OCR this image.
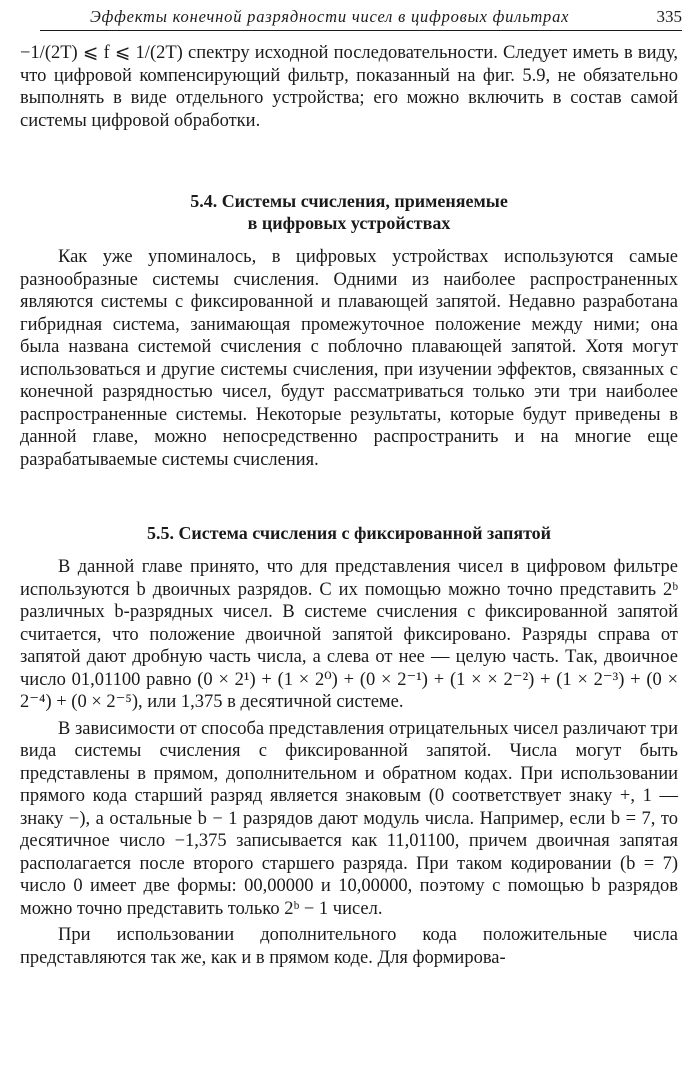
Эффекты конечной разрядности чисел в цифровых фильтрах	335

−1/(2T) ⩽ f ⩽ 1/(2T) спектру исходной последовательности. Следует иметь в виду, что цифровой компенсирующий фильтр, показанный на фиг. 5.9, не обязательно выполнять в виде отдельного устройства; его можно включить в состав самой системы цифровой обработки.

5.4. Системы счисления, применяемые
в цифровых устройствах

Как уже упоминалось, в цифровых устройствах используются самые разнообразные системы счисления. Одними из наиболее распространенных являются системы с фиксированной и плавающей запятой. Недавно разработана гибридная система, занимающая промежуточное положение между ними; она была названа системой счисления с поблочно плавающей запятой. Хотя могут использоваться и другие системы счисления, при изучении эффектов, связанных с конечной разрядностью чисел, будут рассматриваться только эти три наиболее распространенные системы. Некоторые результаты, которые будут приведены в данной главе, можно непосредственно распространить и на многие еще разрабатываемые системы счисления.

5.5. Система счисления с фиксированной запятой

В данной главе принято, что для представления чисел в цифровом фильтре используются b двоичных разрядов. С их помощью можно точно представить 2ᵇ различных b-разрядных чисел. В системе счисления с фиксированной запятой считается, что положение двоичной запятой фиксировано. Разряды справа от запятой дают дробную часть числа, а слева от нее — целую часть. Так, двоичное число 01,01100 равно (0 × 2¹) + (1 × 2⁰) + (0 × 2⁻¹) + (1 × × 2⁻²) + (1 × 2⁻³) + (0 × 2⁻⁴) + (0 × 2⁻⁵), или 1,375 в десятичной системе.

В зависимости от способа представления отрицательных чисел различают три вида системы счисления с фиксированной запятой. Числа могут быть представлены в прямом, дополнительном и обратном кодах. При использовании прямого кода старший разряд является знаковым (0 соответствует знаку +, 1 — знаку −), а остальные b − 1 разрядов дают модуль числа. Например, если b = 7, то десятичное число −1,375 записывается как 11,01100, причем двоичная запятая располагается после второго старшего разряда. При таком кодировании (b = 7) число 0 имеет две формы: 00,00000 и 10,00000, поэтому с помощью b разрядов можно точно представить только 2ᵇ − 1 чисел.

При использовании дополнительного кода положительные числа представляются так же, как и в прямом коде. Для формирова-
